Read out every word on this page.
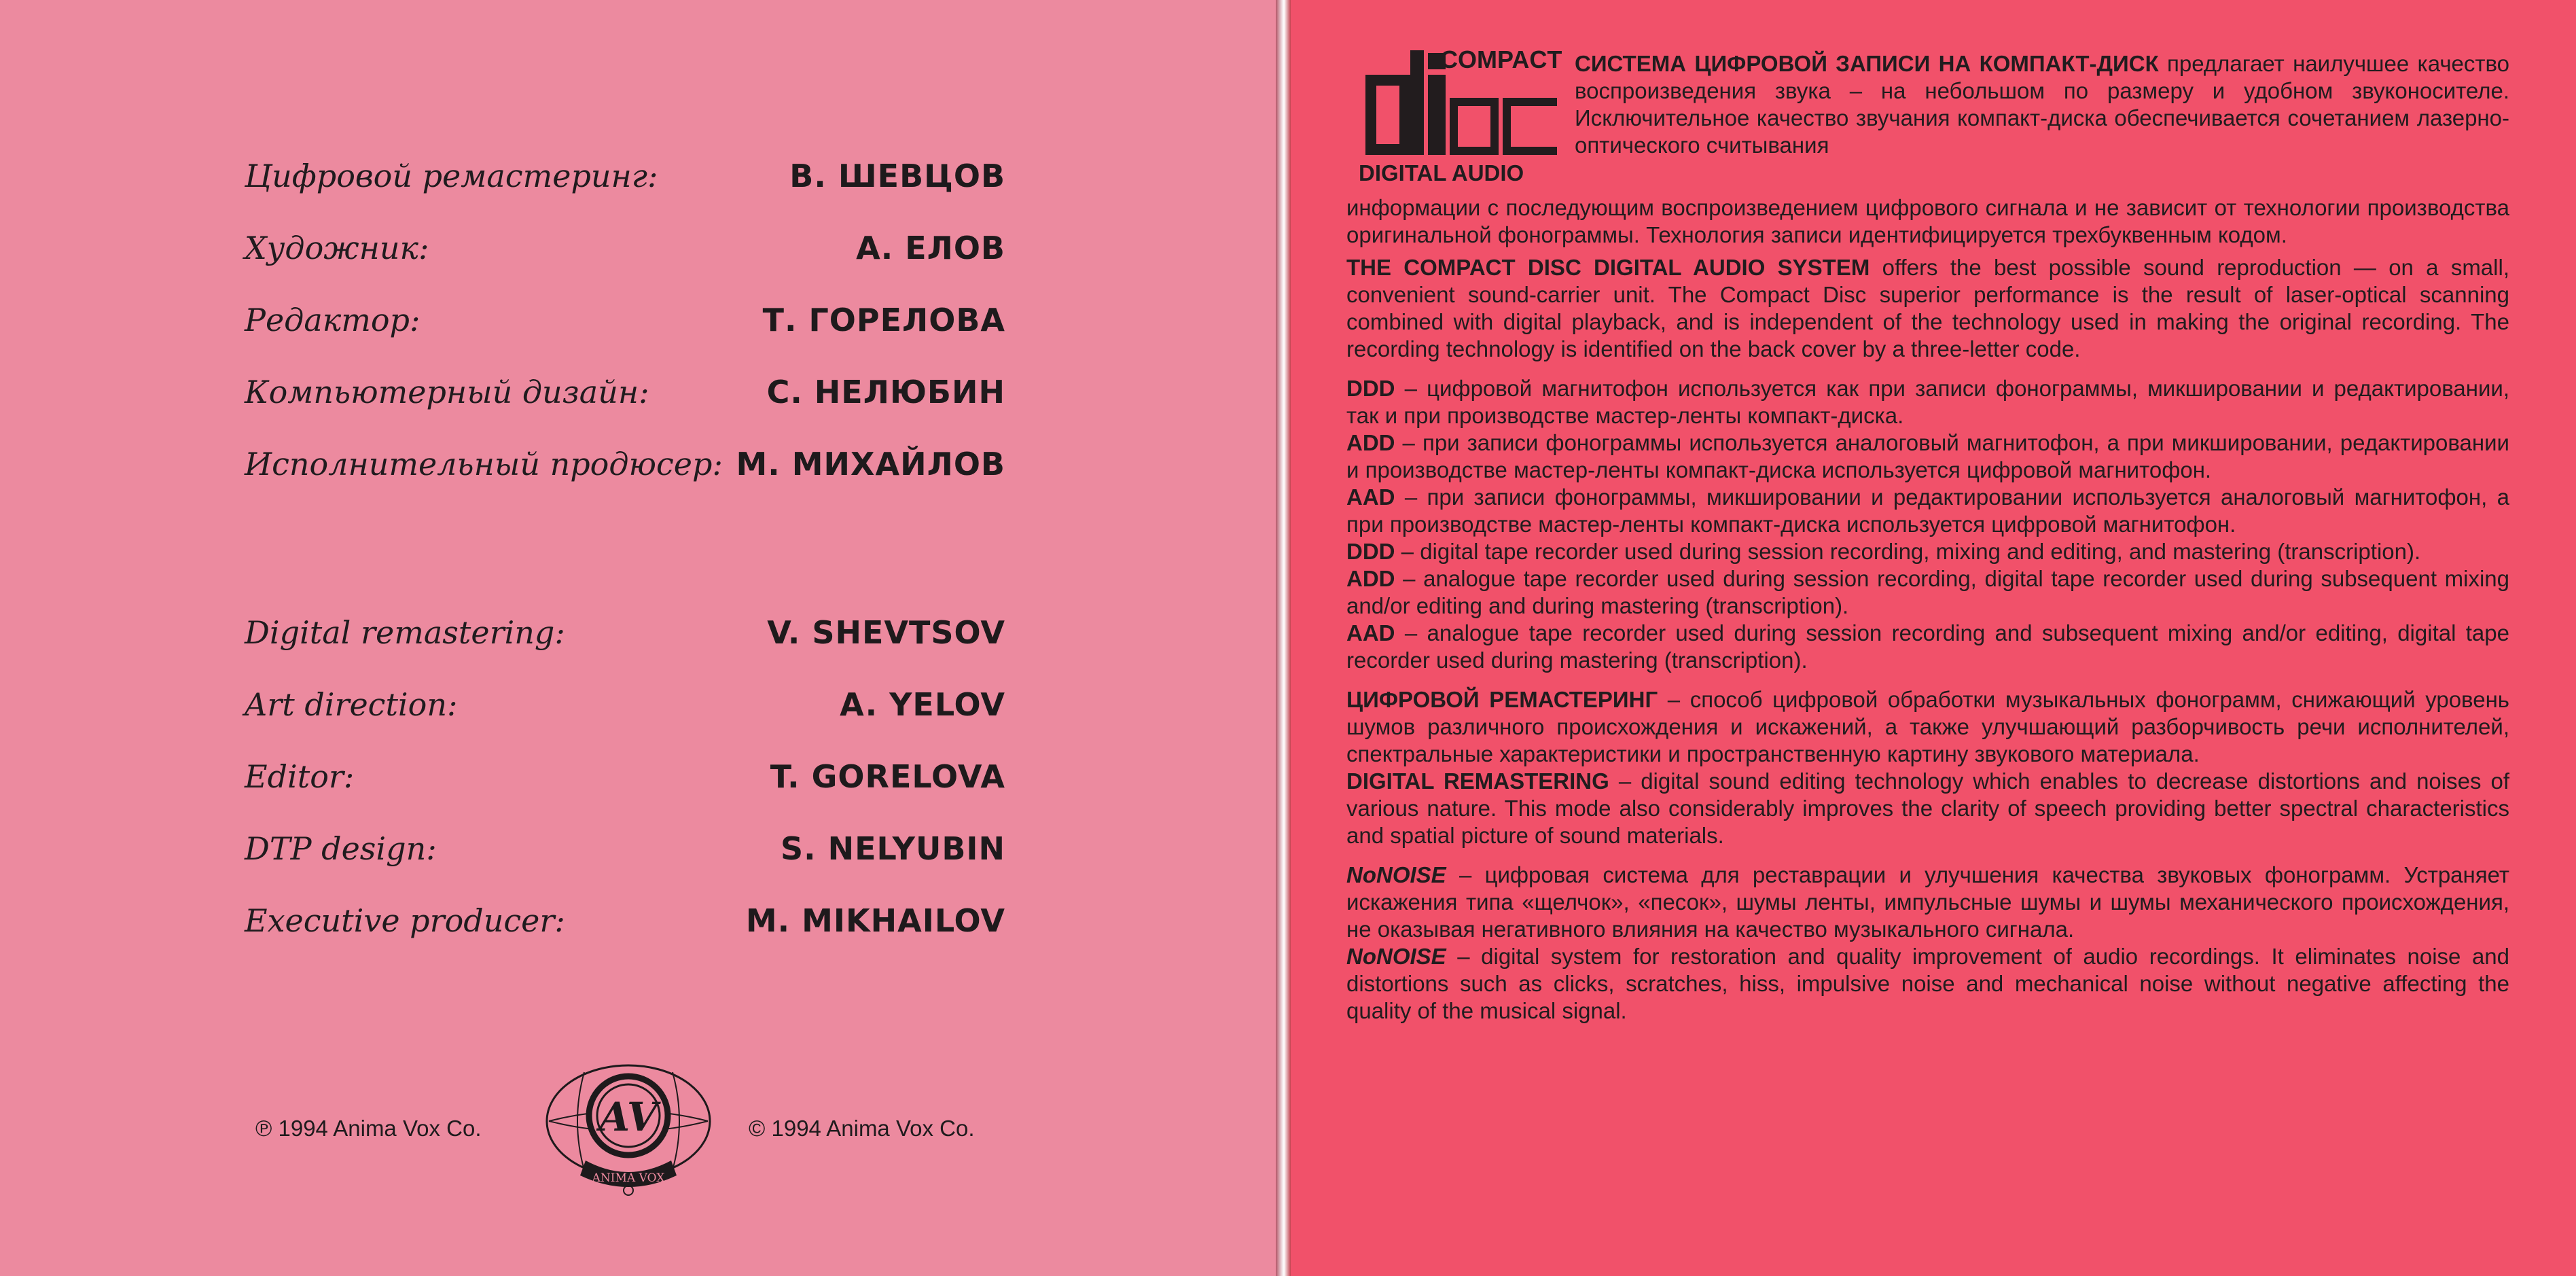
Цифровой ремастеринг:	В. ШЕВЦОВ
Художник:	А. ЕЛОВ
Редактор:	Т. ГОРЕЛОВА
Компьютерный дизайн:	С. НЕЛЮБИН
Исполнительный продюсер: М. МИХАЙЛОВ
Digital remastering:	V. SHEVTSOV
Art direction:	A. YELOV
Editor:	T. GORELOVA
DTP design:	S. NELYUBIN
Executive producer:	M. MIKHAILOV
℗ 1994 Anima Vox Co.	AV
ANIMA VOX
© 1994 Anima Vox Co.
COMPACT
DIGITAL AUDIO

СИСТЕМА ЦИФРОВОЙ ЗАПИСИ НА КОМПАКТ-ДИСК предлагает наилучшее качество воспроизведения звука – на небольшом по размеру и удобном звуконосителе. Исключительное качество звучания компакт-диска обеспечивается сочетанием лазерно-оптического считывания

информации с последующим воспроизведением цифрового сигнала и не зависит от технологии производства оригинальной фонограммы. Технология записи идентифицируется трехбуквенным кодом.

THE COMPACT DISC DIGITAL AUDIO SYSTEM offers the best possible sound reproduction — on a small, convenient sound-carrier unit. The Compact Disc superior performance is the result of laser-optical scanning combined with digital playback, and is independent of the technology used in making the original recording. The recording technology is identified on the back cover by a three-letter code.

DDD – цифровой магнитофон используется как при записи фонограммы, микшировании и редактировании, так и при производстве мастер-ленты компакт-диска.

ADD – при записи фонограммы используется аналоговый магнитофон, а при микшировании, редактировании и производстве мастер-ленты компакт-диска используется цифровой магнитофон.

AAD – при записи фонограммы, микшировании и редактировании используется аналоговый магнитофон, а при производстве мастер-ленты компакт-диска используется цифровой магнитофон.

DDD – digital tape recorder used during session recording, mixing and editing, and mastering (transcription).

ADD – analogue tape recorder used during session recording, digital tape recorder used during subsequent mixing and/or editing and during mastering (transcription).

AAD – analogue tape recorder used during session recording and subsequent mixing and/or editing, digital tape recorder used during mastering (transcription).

ЦИФРОВОЙ РЕМАСТЕРИНГ – способ цифровой обработки музыкальных фонограмм, снижающий уровень шумов различного происхождения и искажений, а также улучшающий разборчивость речи исполнителей, спектральные характеристики и пространственную картину звукового материала.

DIGITAL REMASTERING – digital sound editing technology which enables to decrease distortions and noises of various nature. This mode also considerably improves the clarity of speech providing better spectral characteristics and spatial picture of sound materials.

NoNOISE – цифровая система для реставрации и улучшения качества звуковых фонограмм. Устраняет искажения типа «щелчок», «песок», шумы ленты, импульсные шумы и шумы механического происхождения, не оказывая негативного влияния на качество музыкального сигнала.

NoNOISE – digital system for restoration and quality improvement of audio recordings. It eliminates noise and distortions such as clicks, scratches, hiss, impulsive noise and mechanical noise without negative affecting the quality of the musical signal.
